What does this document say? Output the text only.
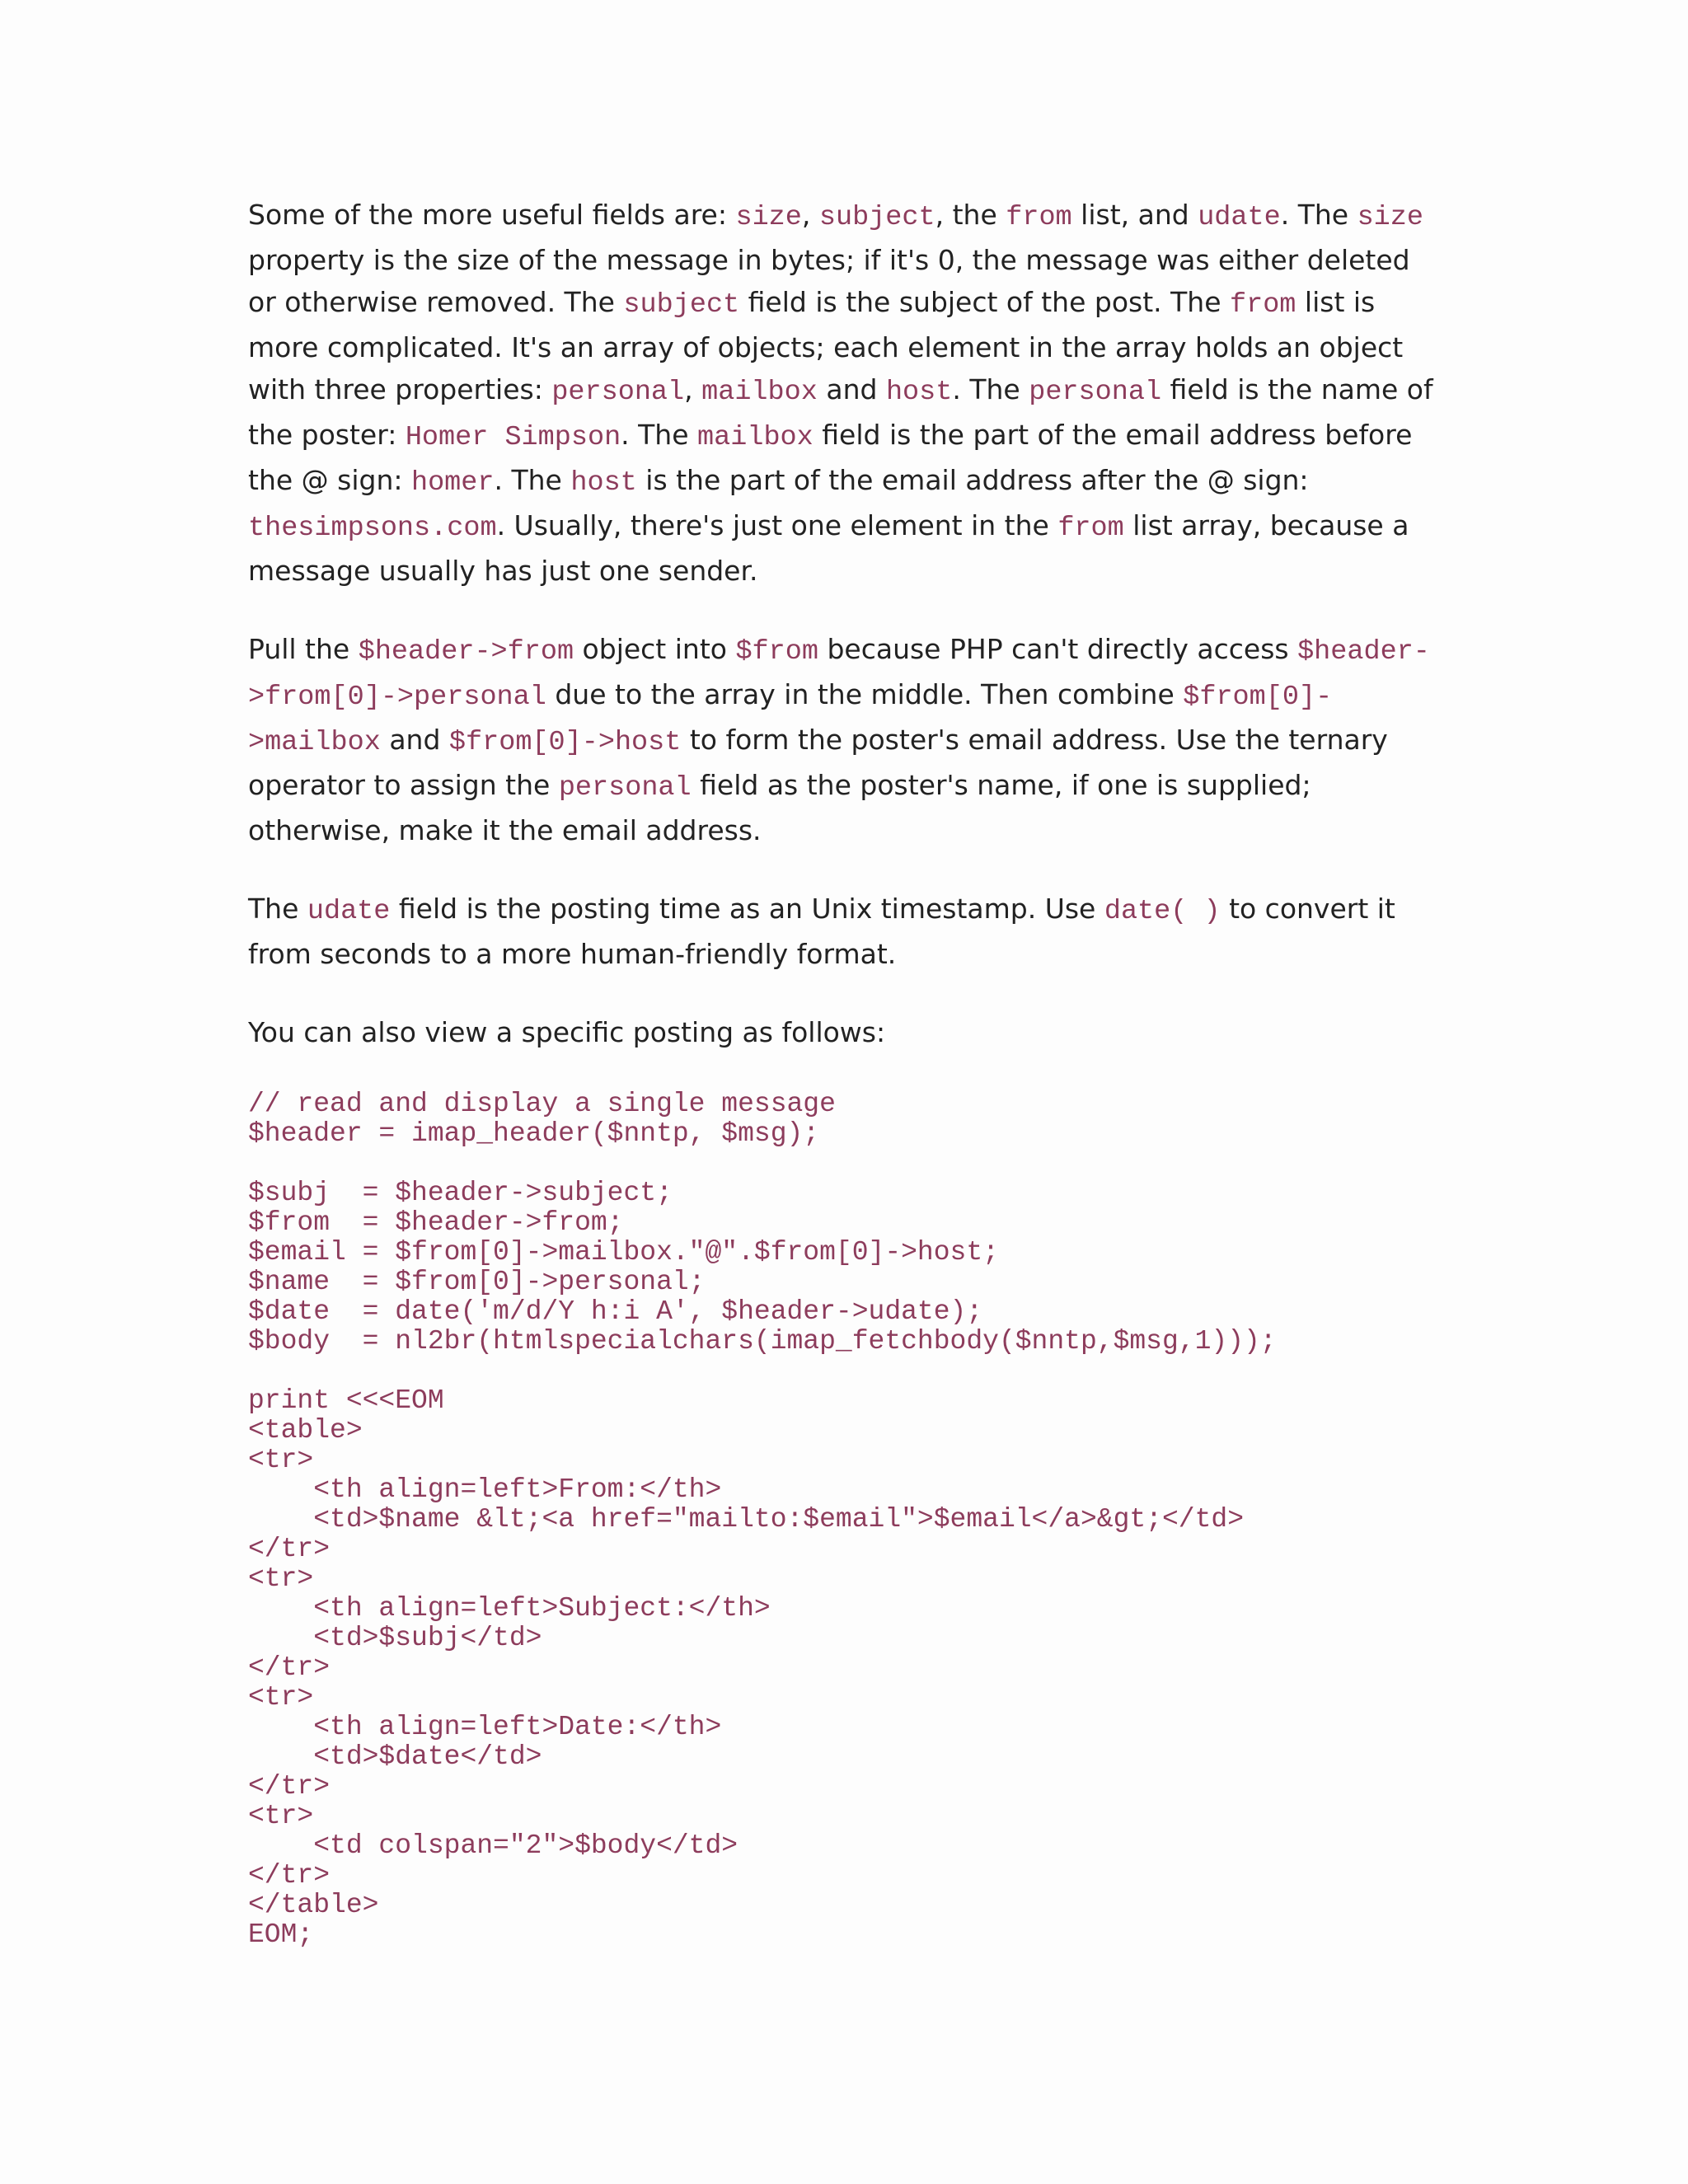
Some of the more useful fields are: size, subject, the from list, and udate. The size property is the size of the message in bytes; if it's 0, the message was either deleted or otherwise removed. The subject field is the subject of the post. The from list is more complicated. It's an array of objects; each element in the array holds an object with three properties: personal, mailbox and host. The personal field is the name of the poster: Homer Simpson. The mailbox field is the part of the email address before the @ sign: homer. The host is the part of the email address after the @ sign: thesimpsons.com. Usually, there's just one element in the from list array, because a message usually has just one sender.

Pull the $header->from object into $from because PHP can't directly access $header->from[0]->personal due to the array in the middle. Then combine $from[0]->mailbox and $from[0]->host to form the poster's email address. Use the ternary operator to assign the personal field as the poster's name, if one is supplied; otherwise, make it the email address.

The udate field is the posting time as an Unix timestamp. Use date( ) to convert it from seconds to a more human-friendly format.

You can also view a specific posting as follows:

// read and display a single message
$header = imap_header($nntp, $msg);

$subj  = $header->subject;
$from  = $header->from;
$email = $from[0]->mailbox."@".$from[0]->host;
$name  = $from[0]->personal;
$date  = date('m/d/Y h:i A', $header->udate);
$body  = nl2br(htmlspecialchars(imap_fetchbody($nntp,$msg,1)));

print <<<EOM
<table>
<tr>
<th align=left>From:</th>
<td>$name &lt;<a href="mailto:$email">$email</a>&gt;</td>
</tr>
<tr>
<th align=left>Subject:</th>
<td>$subj</td>
</tr>
<tr>
<th align=left>Date:</th>
<td>$date</td>
</tr>
<tr>
<td colspan="2">$body</td>
</tr>
</table>
EOM;
